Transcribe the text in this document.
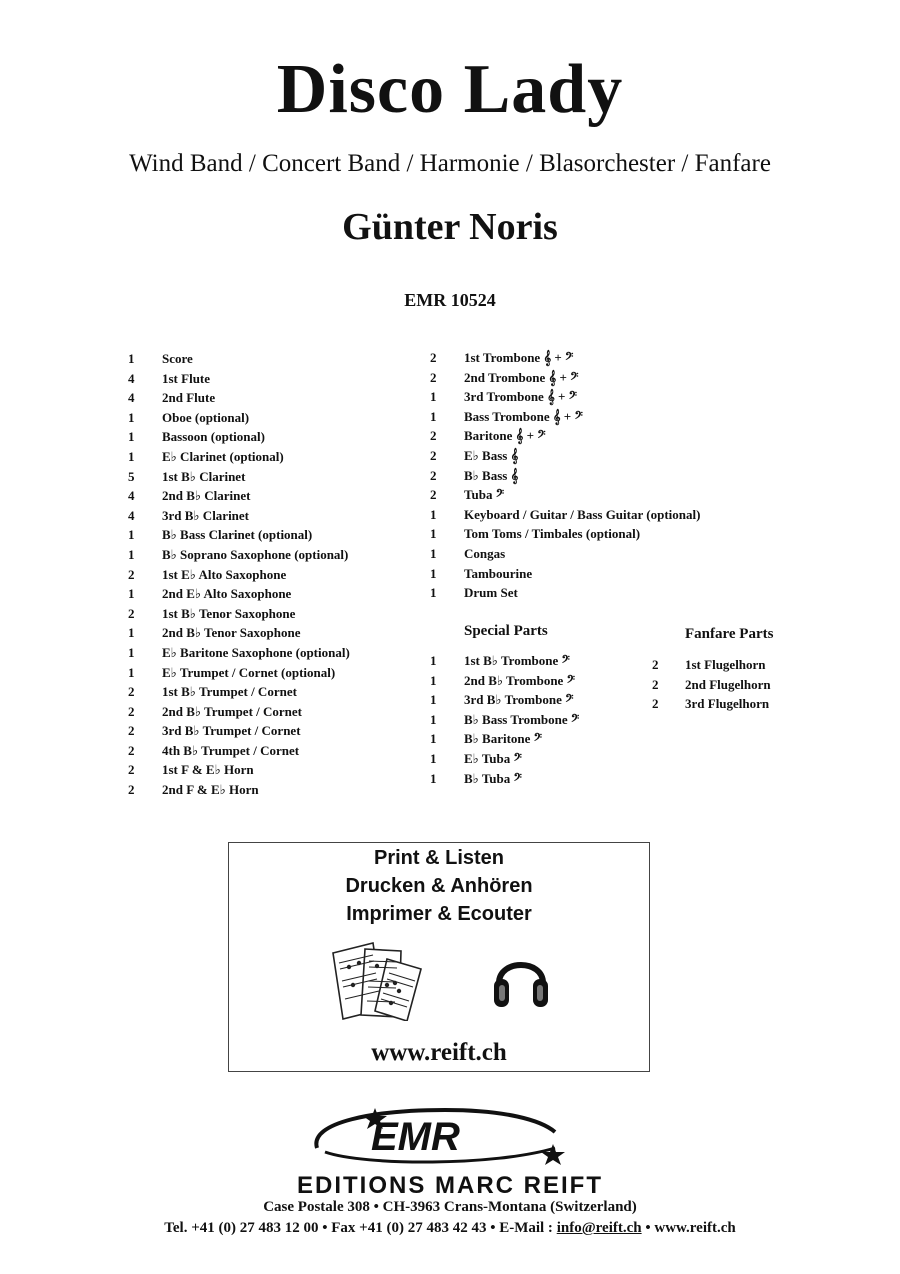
Disco Lady
Wind Band / Concert Band / Harmonie / Blasorchester / Fanfare
Günter Noris
EMR 10524
1	Score
4	1st Flute
4	2nd Flute
1	Oboe (optional)
1	Bassoon (optional)
1	E♭ Clarinet (optional)
5	1st B♭ Clarinet
4	2nd B♭ Clarinet
4	3rd B♭ Clarinet
1	B♭ Bass Clarinet (optional)
1	B♭ Soprano Saxophone (optional)
2	1st E♭ Alto Saxophone
1	2nd E♭ Alto Saxophone
2	1st B♭ Tenor Saxophone
1	2nd B♭ Tenor Saxophone
1	E♭ Baritone Saxophone (optional)
1	E♭ Trumpet / Cornet (optional)
2	1st B♭ Trumpet / Cornet
2	2nd B♭ Trumpet / Cornet
2	3rd B♭ Trumpet / Cornet
2	4th B♭ Trumpet / Cornet
2	1st F & E♭ Horn
2	2nd F & E♭ Horn
2	1st Trombone 𝄞 + 𝄢
2	2nd Trombone 𝄞 + 𝄢
1	3rd Trombone 𝄞 + 𝄢
1	Bass Trombone 𝄞 + 𝄢
2	Baritone 𝄞 + 𝄢
2	E♭ Bass 𝄞
2	B♭ Bass 𝄞
2	Tuba 𝄢
1	Keyboard / Guitar / Bass Guitar (optional)
1	Tom Toms / Timbales (optional)
1	Congas
1	Tambourine
1	Drum Set
Special Parts
1	1st B♭ Trombone 𝄢
1	2nd B♭ Trombone 𝄢
1	3rd B♭ Trombone 𝄢
1	B♭ Bass Trombone 𝄢
1	B♭ Baritone 𝄢
1	E♭ Tuba 𝄢
1	B♭ Tuba 𝄢
Fanfare Parts
2	1st Flugelhorn
2	2nd Flugelhorn
2	3rd Flugelhorn
Print & Listen
Drucken & Anhören
Imprimer & Ecouter
www.reift.ch
EMR
EDITIONS MARC REIFT
Case Postale 308 • CH-3963 Crans-Montana (Switzerland)
Tel. +41 (0) 27 483 12 00 • Fax +41 (0) 27 483 42 43 • E-Mail : info@reift.ch • www.reift.ch
